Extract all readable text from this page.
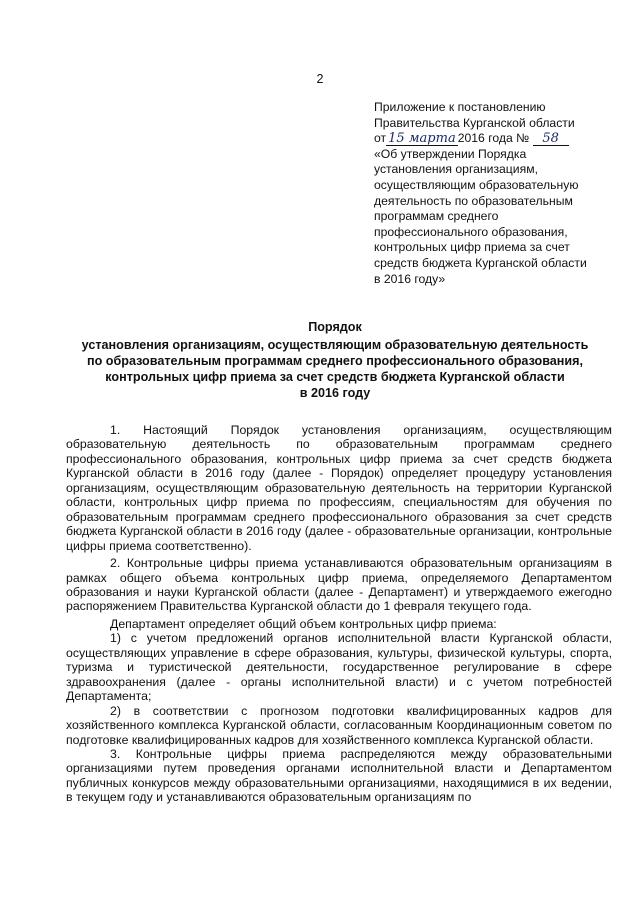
2
Приложение к постановлению
Правительства Курганской области
от 15 марта 2016 года № 58
«Об утверждении Порядка
установления организациям,
осуществляющим образовательную
деятельность по образовательным
программам среднего
профессионального образования,
контрольных цифр приема за счет
средств бюджета Курганской области
в 2016 году»
Порядок
установления организациям, осуществляющим образовательную деятельность
по образовательным программам среднего профессионального образования,
контрольных цифр приема за счет средств бюджета Курганской области
в 2016 году

1. Настоящий Порядок установления организациям, осуществляющим образовательную деятельность по образовательным программам среднего профессионального образования, контрольных цифр приема за счет средств бюджета Курганской области в 2016 году (далее - Порядок) определяет процедуру установления организациям, осуществляющим образовательную деятельность на территории Курганской области, контрольных цифр приема по профессиям, специальностям для обучения по образовательным программам среднего профессионального образования за счет средств бюджета Курганской области в 2016 году (далее - образовательные организации, контрольные цифры приема соответственно).

2. Контрольные цифры приема устанавливаются образовательным организациям в рамках общего объема контрольных цифр приема, определяемого Департаментом образования и науки Курганской области (далее - Департамент) и утверждаемого ежегодно распоряжением Правительства Курганской области до 1 февраля текущего года.

Департамент определяет общий объем контрольных цифр приема:

1) с учетом предложений органов исполнительной власти Курганской области, осуществляющих управление в сфере образования, культуры, физической культуры, спорта, туризма и туристической деятельности, государственное регулирование в сфере здравоохранения (далее - органы исполнительной власти) и с учетом потребностей Департамента;

2) в соответствии с прогнозом подготовки квалифицированных кадров для хозяйственного комплекса Курганской области, согласованным Координационным советом по подготовке квалифицированных кадров для хозяйственного комплекса Курганской области.

3. Контрольные цифры приема распределяются между образовательными организациями путем проведения органами исполнительной власти и Департаментом публичных конкурсов между образовательными организациями, находящимися в их ведении, в текущем году и устанавливаются образовательным организациям по
